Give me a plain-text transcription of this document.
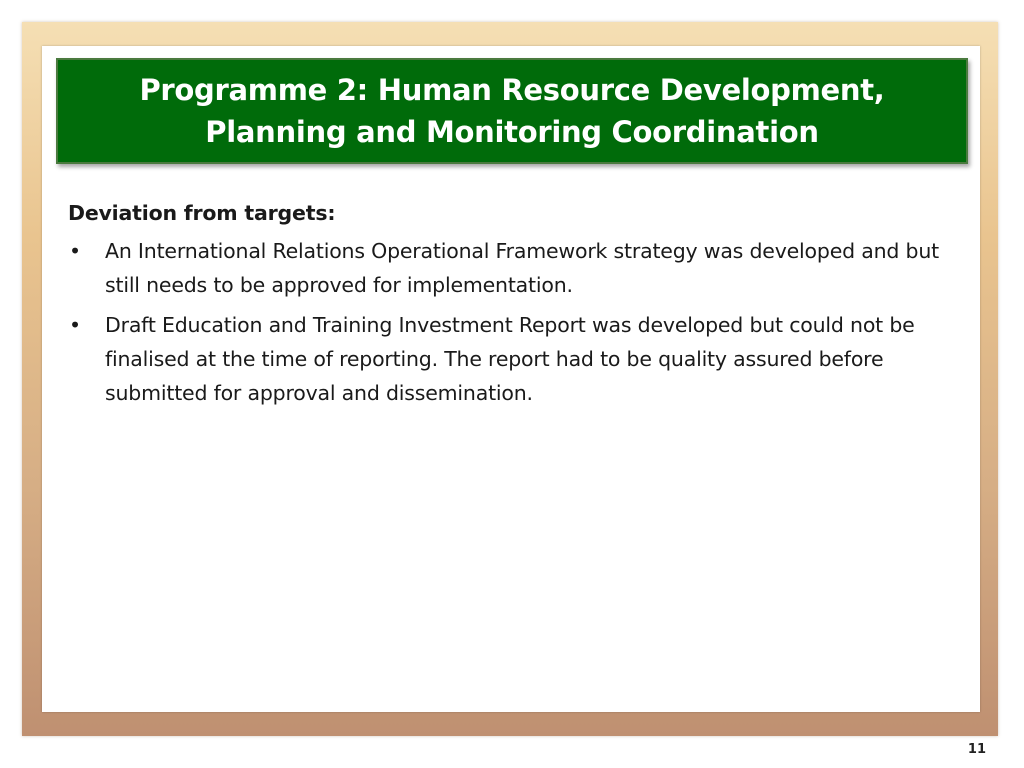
Programme 2: Human Resource Development,
Planning and Monitoring Coordination

Deviation from targets:

• An International Relations Operational Framework strategy was developed and but still needs to be approved for implementation.
• Draft Education and Training Investment Report was developed but could not be finalised at the time of reporting. The report had to be quality assured before submitted for approval and dissemination.
11
